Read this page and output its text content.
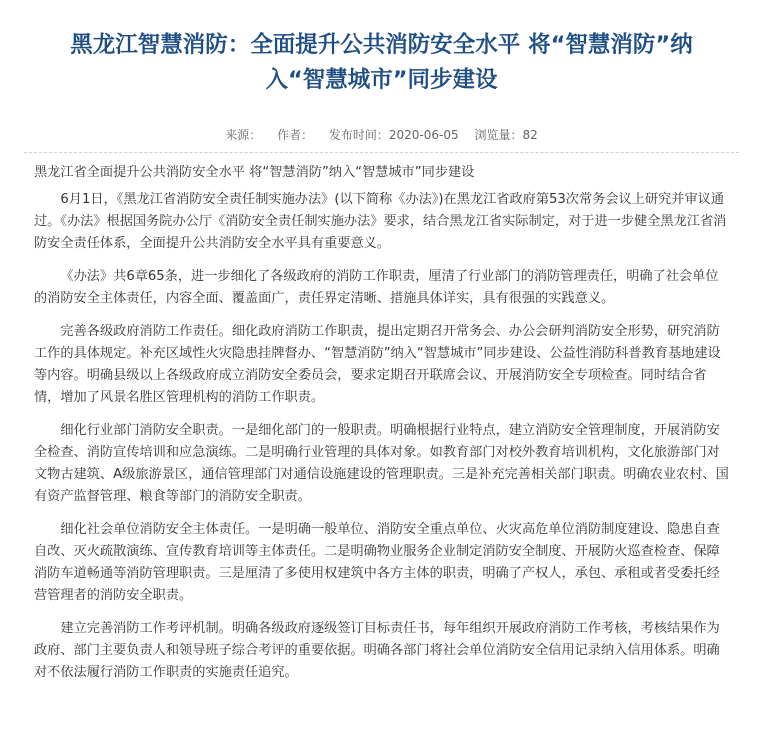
黑龙江智慧消防：全面提升公共消防安全水平 将“智慧消防”纳
入“智慧城市”同步建设
来源： 作者： 发布时间：2020-06-05 浏览量：82

黑龙江省全面提升公共消防安全水平 将“智慧消防”纳入“智慧城市”同步建设

6月1日，《黑龙江省消防安全责任制实施办法》(以下简称《办法》)在黑龙江省政府第53次常务会议上研究并审议通过。《办法》根据国务院办公厅《消防安全责任制实施办法》要求，结合黑龙江省实际制定，对于进一步健全黑龙江省消防安全责任体系，全面提升公共消防安全水平具有重要意义。

《办法》共6章65条，进一步细化了各级政府的消防工作职责，厘清了行业部门的消防管理责任，明确了社会单位的消防安全主体责任，内容全面、覆盖面广，责任界定清晰、措施具体详实，具有很强的实践意义。

完善各级政府消防工作责任。细化政府消防工作职责，提出定期召开常务会、办公会研判消防安全形势，研究消防工作的具体规定。补充区域性火灾隐患挂牌督办、“智慧消防”纳入“智慧城市”同步建设、公益性消防科普教育基地建设等内容。明确县级以上各级政府成立消防安全委员会，要求定期召开联席会议、开展消防安全专项检查。同时结合省情，增加了风景名胜区管理机构的消防工作职责。

细化行业部门消防安全职责。一是细化部门的一般职责。明确根据行业特点，建立消防安全管理制度，开展消防安全检查、消防宣传培训和应急演练。二是明确行业管理的具体对象。如教育部门对校外教育培训机构，文化旅游部门对文物古建筑、A级旅游景区，通信管理部门对通信设施建设的管理职责。三是补充完善相关部门职责。明确农业农村、国有资产监督管理、粮食等部门的消防安全职责。

细化社会单位消防安全主体责任。一是明确一般单位、消防安全重点单位、火灾高危单位消防制度建设、隐患自查自改、灭火疏散演练、宣传教育培训等主体责任。二是明确物业服务企业制定消防安全制度、开展防火巡查检查、保障消防车道畅通等消防管理职责。三是厘清了多使用权建筑中各方主体的职责，明确了产权人，承包、承租或者受委托经营管理者的消防安全职责。

建立完善消防工作考评机制。明确各级政府逐级签订目标责任书，每年组织开展政府消防工作考核，考核结果作为政府、部门主要负责人和领导班子综合考评的重要依据。明确各部门将社会单位消防安全信用记录纳入信用体系。明确对不依法履行消防工作职责的实施责任追究。
